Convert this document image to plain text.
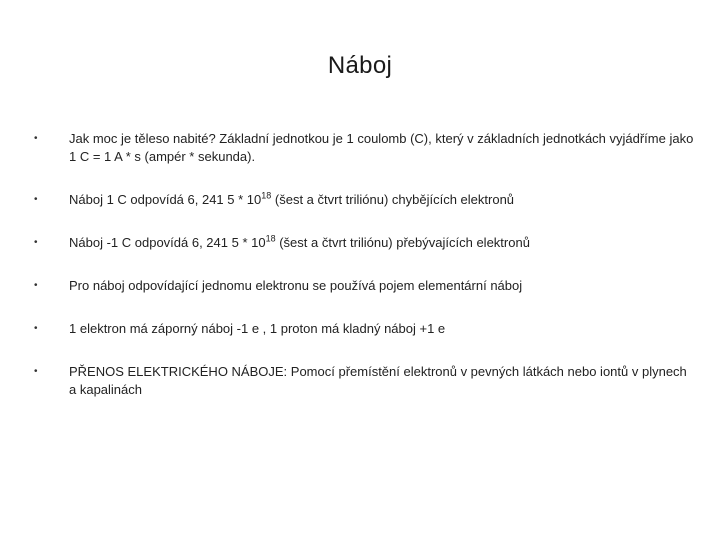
Náboj
• Jak moc je těleso nabité? Základní jednotkou je 1 coulomb (C), který v základních jednotkách vyjádříme jako 1 C = 1 A * s (ampér * sekunda).
• Náboj 1 C odpovídá 6, 241 $5 * 10^{18}$ (šest a čtvrt triliónu) chybějících elektronů
• Náboj -1 C odpovídá 6, 241 $5 * 10^{18}$ (šest a čtvrt triliónu) přebývajících elektronů
• Pro náboj odpovídající jednomu elektronu se používá pojem elementární náboj
• 1 elektron má záporný náboj -1 e , 1 proton má kladný náboj +1 e
• PŘENOS ELEKTRICKÉHO NÁBOJE: Pomocí přemístění elektronů v pevných látkách nebo iontů v plynech a kapalinách
